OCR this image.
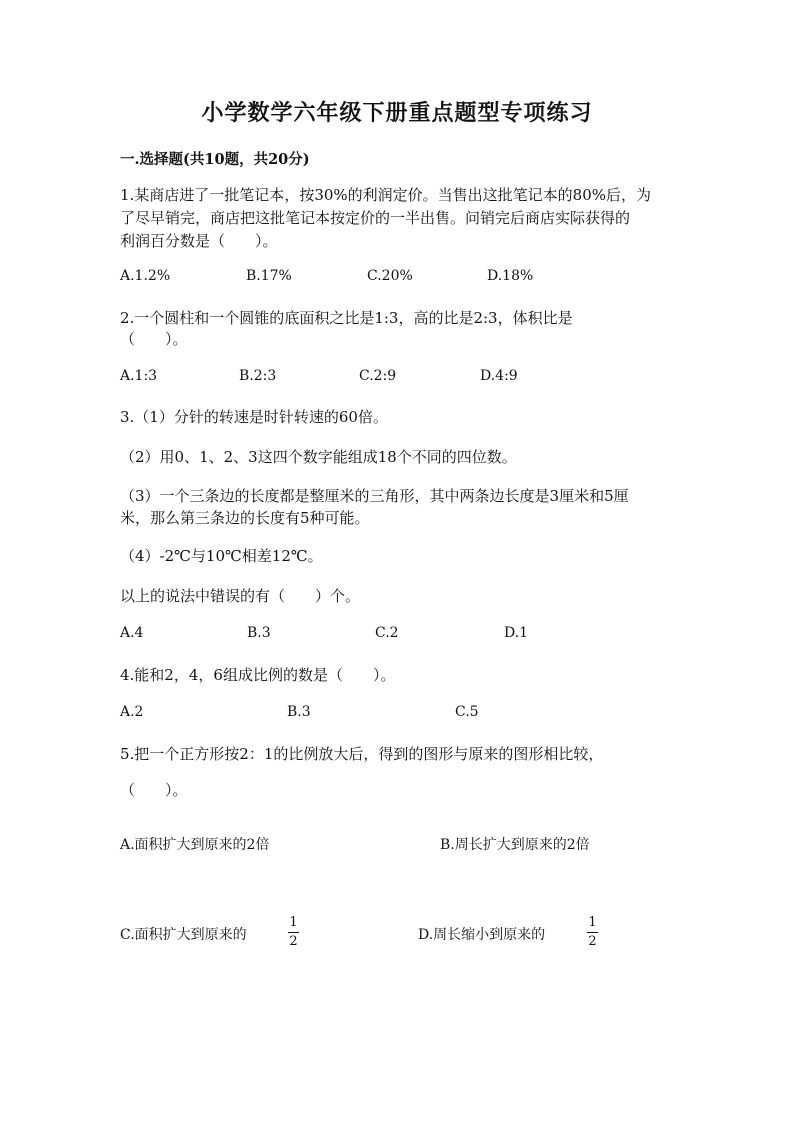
小学数学六年级下册重点题型专项练习
一.选择题(共10题，共20分)
1.某商店进了一批笔记本，按30%的利润定价。当售出这批笔记本的80%后，为
了尽早销完，商店把这批笔记本按定价的一半出售。问销完后商店实际获得的
利润百分数是（　　）。
A.1.2%	B.17%	C.20%	D.18%
2.一个圆柱和一个圆锥的底面积之比是1:3，高的比是2:3，体积比是
（　　）。
A.1:3	B.2:3	C.2:9	D.4:9
3.（1）分针的转速是时针转速的60倍。
（2）用0、1、2、3这四个数字能组成18个不同的四位数。
（3）一个三条边的长度都是整厘米的三角形，其中两条边长度是3厘米和5厘
米，那么第三条边的长度有5种可能。
（4）-2℃与10℃相差12℃。
以上的说法中错误的有（　　）个。
A.4	B.3	C.2	D.1
4.能和2，4，6组成比例的数是（　　）。
A.2	B.3	C.5
5.把一个正方形按2：1的比例放大后，得到的图形与原来的图形相比较，
（　　）。
A.面积扩大到原来的2倍	B.周长扩大到原来的2倍
C.面积扩大到原来的
1
2	D.周长缩小到原来的
1
2
